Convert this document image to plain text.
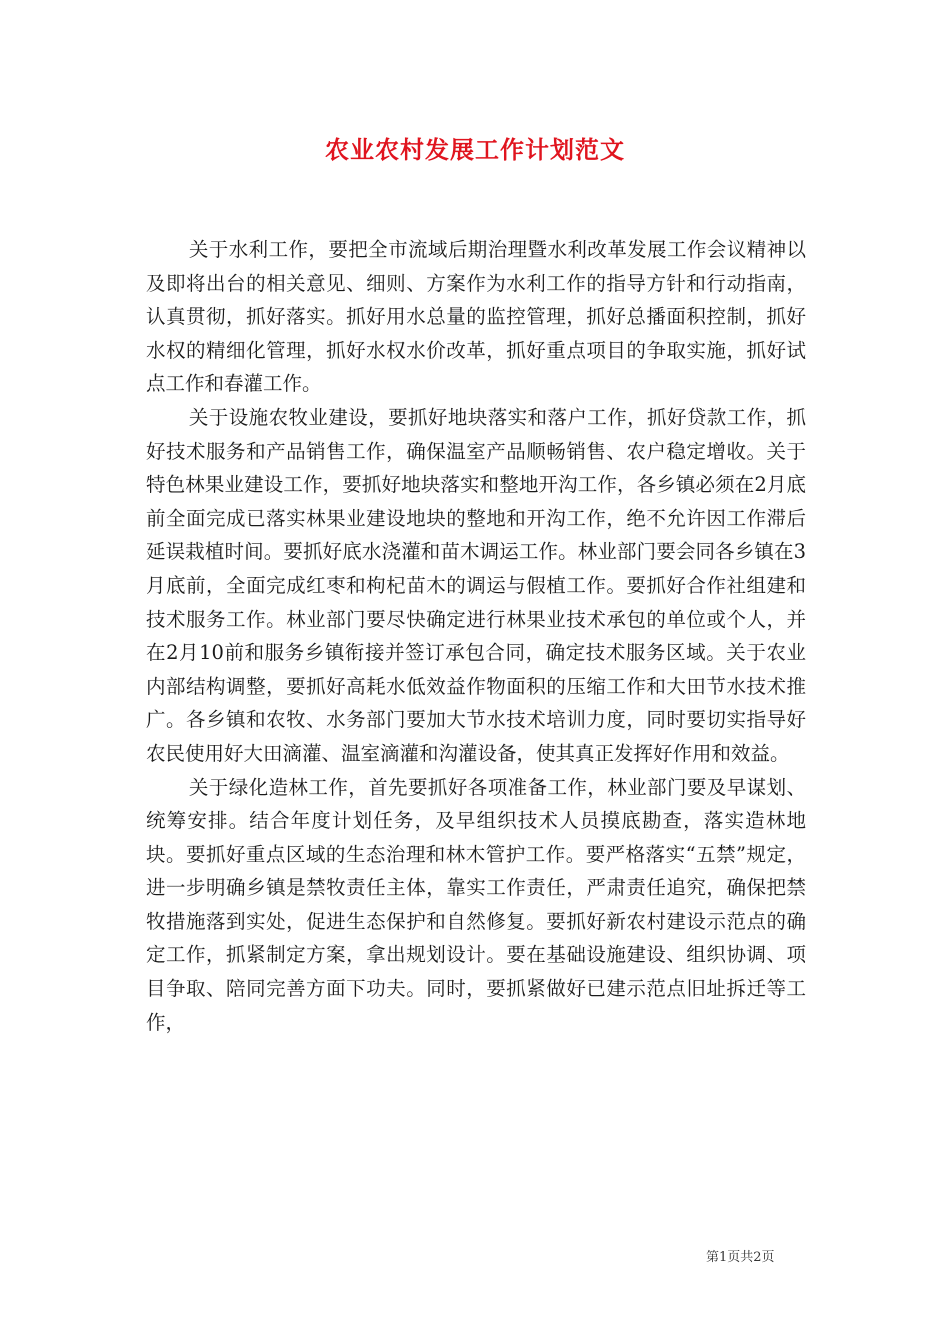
农业农村发展工作计划范文

关于水利工作，要把全市流域后期治理暨水利改革发展工作会议精神以及即将出台的相关意见、细则、方案作为水利工作的指导方针和行动指南，认真贯彻，抓好落实。抓好用水总量的监控管理，抓好总播面积控制，抓好水权的精细化管理，抓好水权水价改革，抓好重点项目的争取实施，抓好试点工作和春灌工作。

关于设施农牧业建设，要抓好地块落实和落户工作，抓好贷款工作，抓好技术服务和产品销售工作，确保温室产品顺畅销售、农户稳定增收。关于特色林果业建设工作，要抓好地块落实和整地开沟工作，各乡镇必须在2月底前全面完成已落实林果业建设地块的整地和开沟工作，绝不允许因工作滞后延误栽植时间。要抓好底水浇灌和苗木调运工作。林业部门要会同各乡镇在3月底前，全面完成红枣和枸杞苗木的调运与假植工作。要抓好合作社组建和技术服务工作。林业部门要尽快确定进行林果业技术承包的单位或个人，并在2月10前和服务乡镇衔接并签订承包合同，确定技术服务区域。关于农业内部结构调整，要抓好高耗水低效益作物面积的压缩工作和大田节水技术推广。各乡镇和农牧、水务部门要加大节水技术培训力度，同时要切实指导好农民使用好大田滴灌、温室滴灌和沟灌设备，使其真正发挥好作用和效益。

关于绿化造林工作，首先要抓好各项准备工作，林业部门要及早谋划、统筹安排。结合年度计划任务，及早组织技术人员摸底勘查，落实造林地块。要抓好重点区域的生态治理和林木管护工作。要严格落实“五禁”规定，进一步明确乡镇是禁牧责任主体，靠实工作责任，严肃责任追究，确保把禁牧措施落到实处，促进生态保护和自然修复。要抓好新农村建设示范点的确定工作，抓紧制定方案，拿出规划设计。要在基础设施建设、组织协调、项目争取、陪同完善方面下功夫。同时，要抓紧做好已建示范点旧址拆迁等工作，

第1页共2页
